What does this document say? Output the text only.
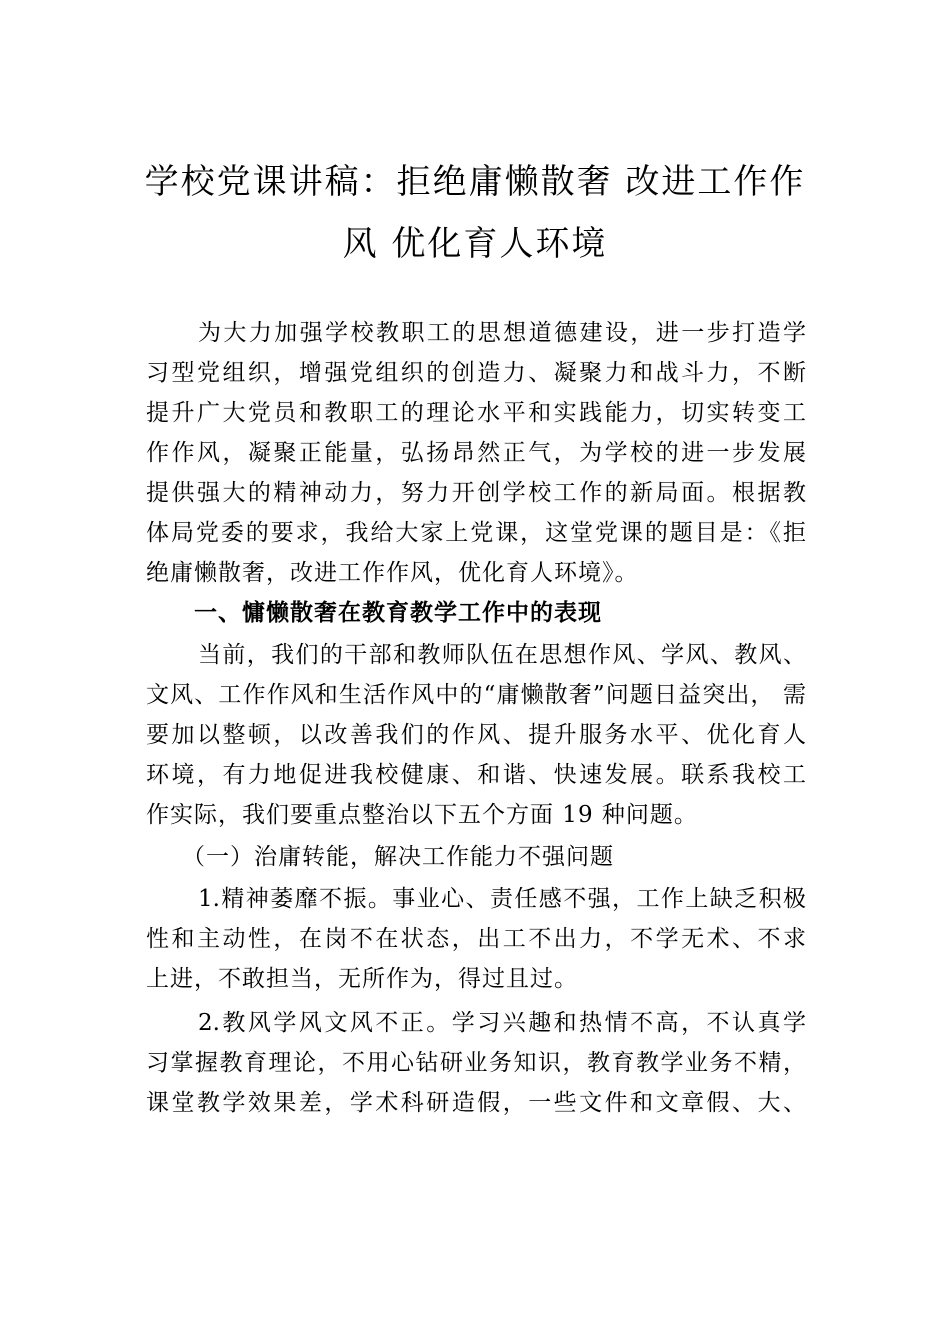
学校党课讲稿：拒绝庸懒散奢 改进工作作
风 优化育人环境

为大力加强学校教职工的思想道德建设，进一步打造学

习型党组织，增强党组织的创造力、凝聚力和战斗力，不断

提升广大党员和教职工的理论水平和实践能力，切实转变工

作作风，凝聚正能量，弘扬昂然正气，为学校的进一步发展

提供强大的精神动力，努力开创学校工作的新局面。根据教

体局党委的要求，我给大家上党课，这堂党课的题目是：《拒

绝庸懒散奢，改进工作作风，优化育人环境》。

一、慵懒散奢在教育教学工作中的表现

当前，我们的干部和教师队伍在思想作风、学风、教风、

文风、工作作风和生活作风中的“庸懒散奢”问题日益突出， 需

要加以整顿，以改善我们的作风、提升服务水平、优化育人

环境，有力地促进我校健康、和谐、快速发展。联系我校工

作实际，我们要重点整治以下五个方面 19 种问题。

（一）治庸转能，解决工作能力不强问题

1.精神萎靡不振。事业心、责任感不强，工作上缺乏积极

性和主动性，在岗不在状态，出工不出力，不学无术、不求

上进，不敢担当，无所作为，得过且过。

2.教风学风文风不正。学习兴趣和热情不高，不认真学

习掌握教育理论，不用心钻研业务知识，教育教学业务不精，

课堂教学效果差，学术科研造假，一些文件和文章假、大、
